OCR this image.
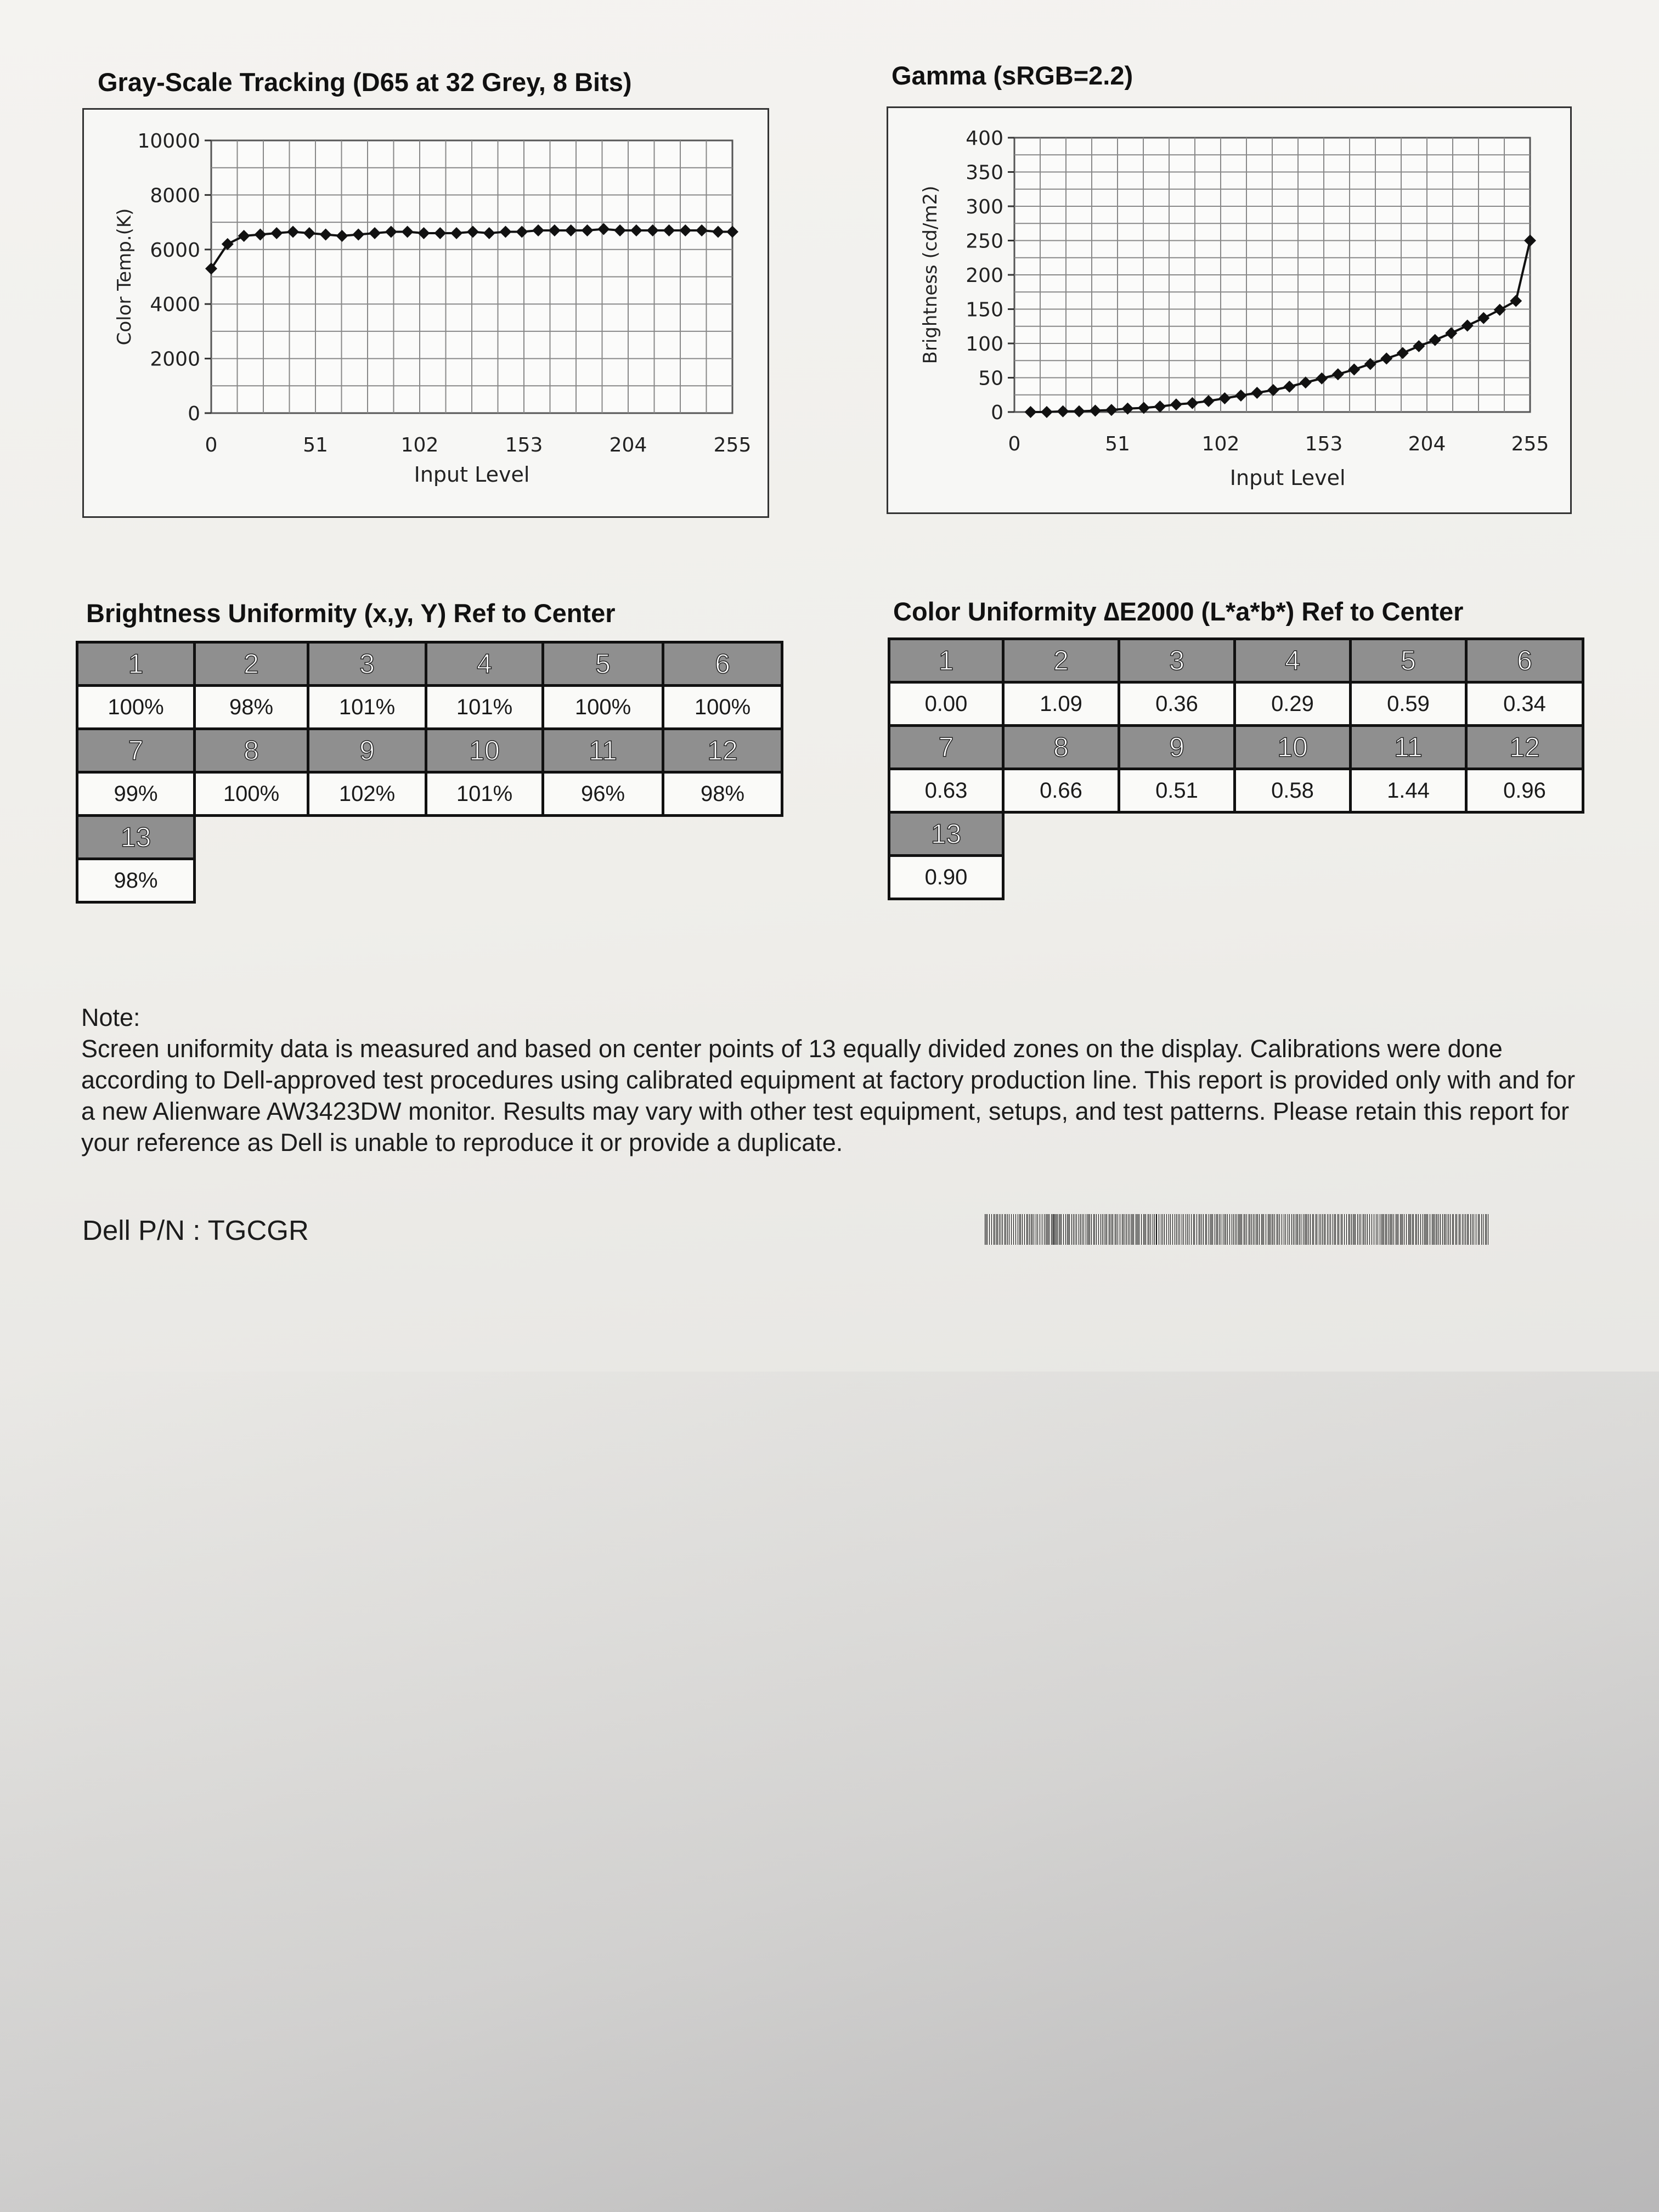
Gray-Scale Tracking (D65 at 32 Grey, 8 Bits)
0
2000
4000
6000
8000
10000
0	51	102	153	204	255
Input Level
Color Temp.(K)
Gamma (sRGB=2.2)
0
50
100
150
200
250
300
350
400
0	51	102	153	204	255
Input Level
Brightness (cd/m2)
Brightness Uniformity (x,y, Y) Ref to Center
1	2	3	4	5	6
100%	98%	101%	101%	100%	100%
7	8	9	10	11	12
99%	100%	102%	101%	96%	98%
13					
98%					
Color Uniformity ∆E2000 (L*a*b*) Ref to Center
1	2	3	4	5	6
0.00	1.09	0.36	0.29	0.59	0.34
7	8	9	10	11	12
0.63	0.66	0.51	0.58	1.44	0.96
13					
0.90					
Note:
Screen uniformity data is measured and based on center points of 13 equally divided zones on the display. Calibrations were done according to Dell-approved test procedures using calibrated equipment at factory production line. This report is provided only with and for a new Alienware AW3423DW monitor. Results may vary with other test equipment, setups, and test patterns. Please retain this report for your reference as Dell is unable to reproduce it or provide a duplicate.
Dell P/N : TGCGR
